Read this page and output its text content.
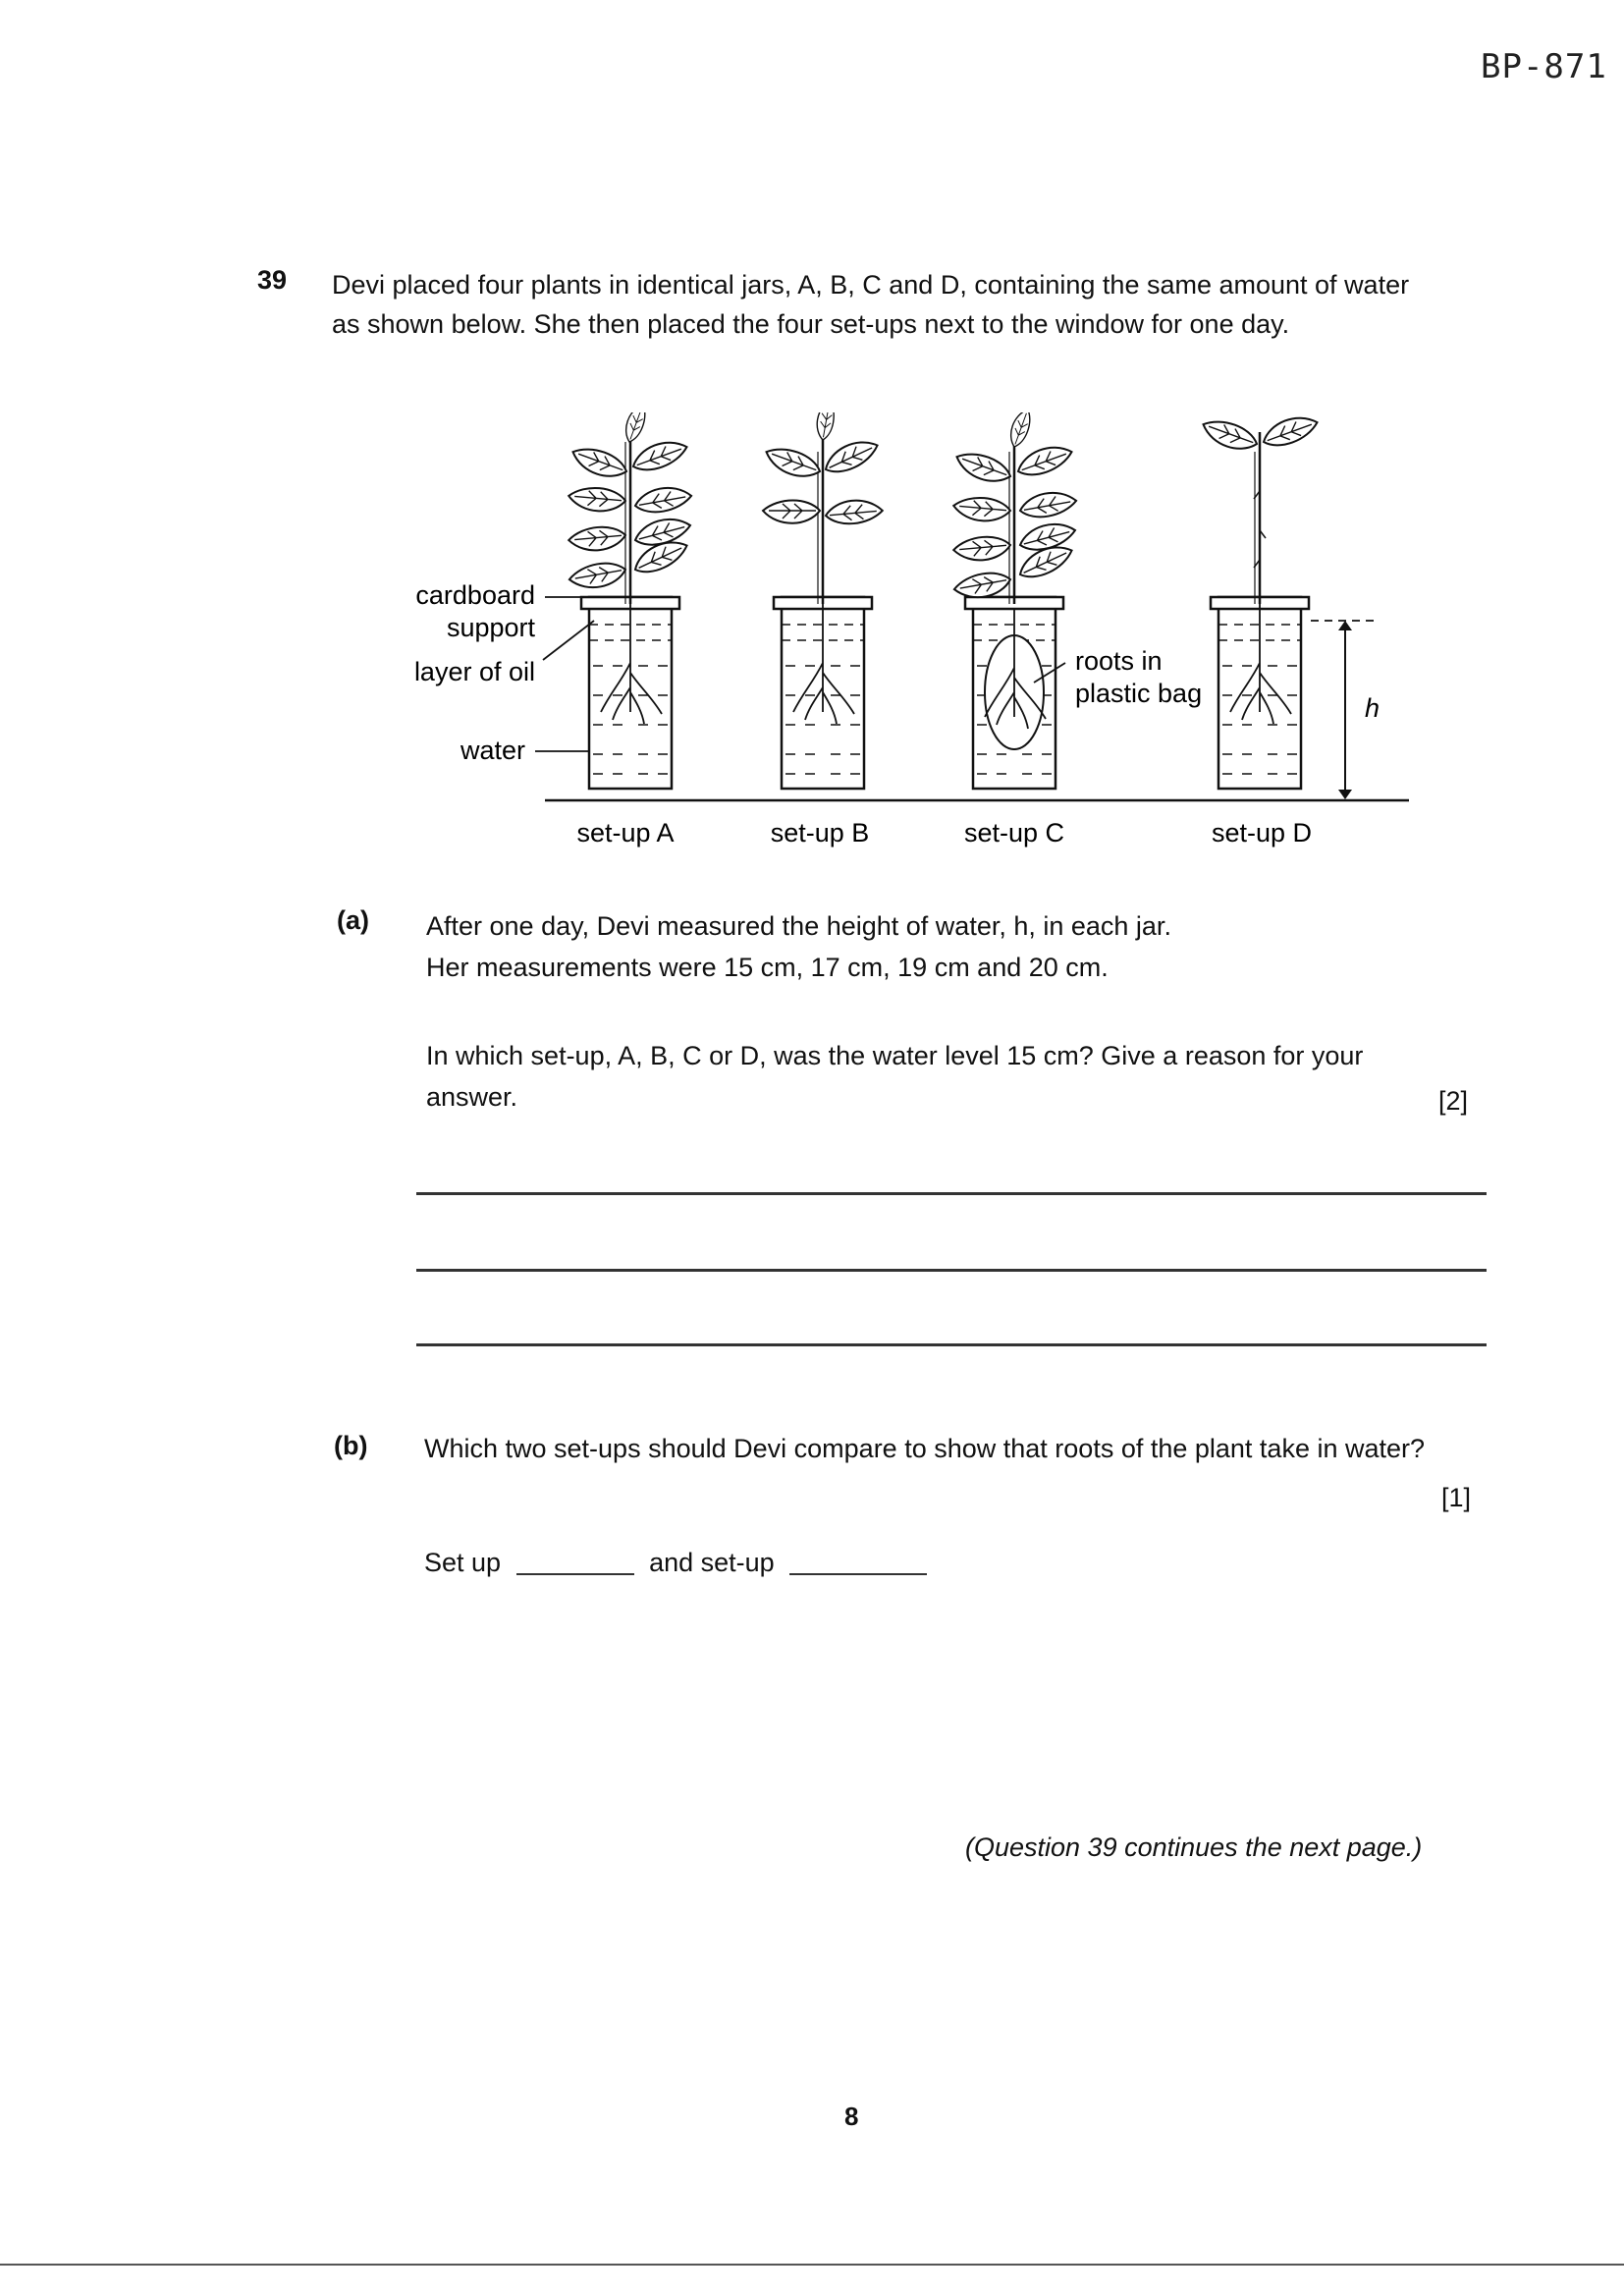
BP-871
39 Devi placed four plants in identical jars, A, B, C and D, containing the same amount of water
as shown below. She then placed the four set-ups next to the window for one day.
h
cardboard
support
layer of oil
water
roots in
plastic bag
set-up A	set-up B	set-up C	set-up D
(a) After one day, Devi measured the height of water, h, in each jar.
Her measurements were 15 cm, 17 cm, 19 cm and 20 cm.
In which set-up, A, B, C or D, was the water level 15 cm? Give a reason for your
answer.	[2]
(b) Which two set-ups should Devi compare to show that roots of the plant take in water?
[1]
Set up	and set-up
(Question 39 continues the next page.)
8
